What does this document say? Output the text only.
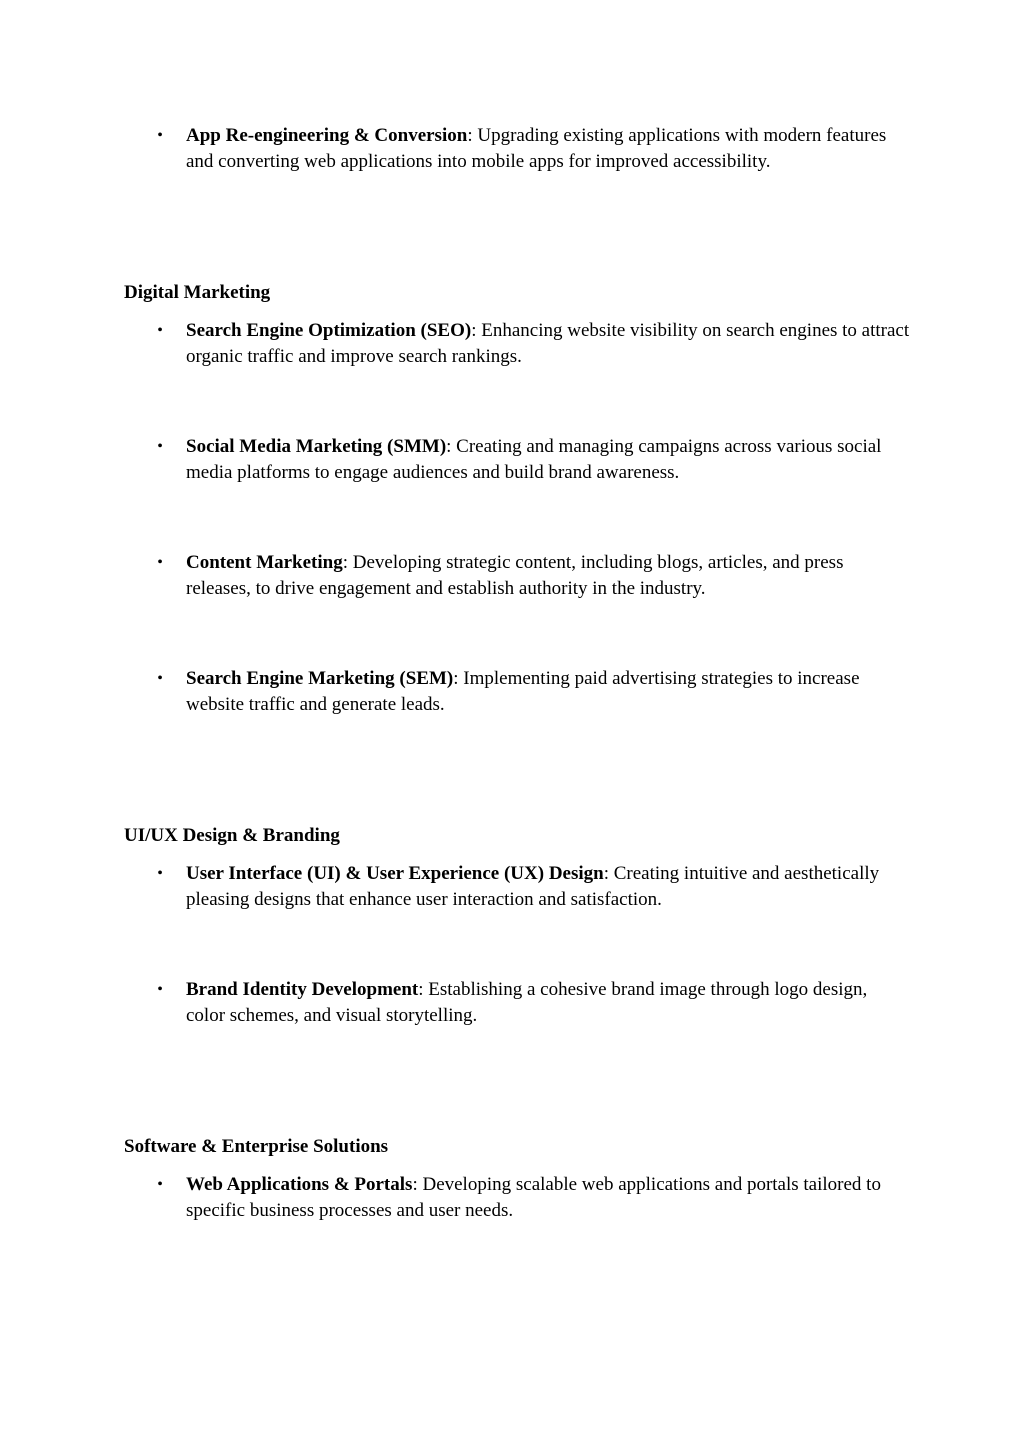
• App Re-engineering & Conversion: Upgrading existing applications with modern features and converting web applications into mobile apps for improved accessibility.
Digital Marketing
• Search Engine Optimization (SEO): Enhancing website visibility on search engines to attract organic traffic and improve search rankings.
• Social Media Marketing (SMM): Creating and managing campaigns across various social media platforms to engage audiences and build brand awareness.
• Content Marketing: Developing strategic content, including blogs, articles, and press releases, to drive engagement and establish authority in the industry.
• Search Engine Marketing (SEM): Implementing paid advertising strategies to increase website traffic and generate leads.
UI/UX Design & Branding
• User Interface (UI) & User Experience (UX) Design: Creating intuitive and aesthetically pleasing designs that enhance user interaction and satisfaction.
• Brand Identity Development: Establishing a cohesive brand image through logo design, color schemes, and visual storytelling.
Software & Enterprise Solutions
• Web Applications & Portals: Developing scalable web applications and portals tailored to specific business processes and user needs.
